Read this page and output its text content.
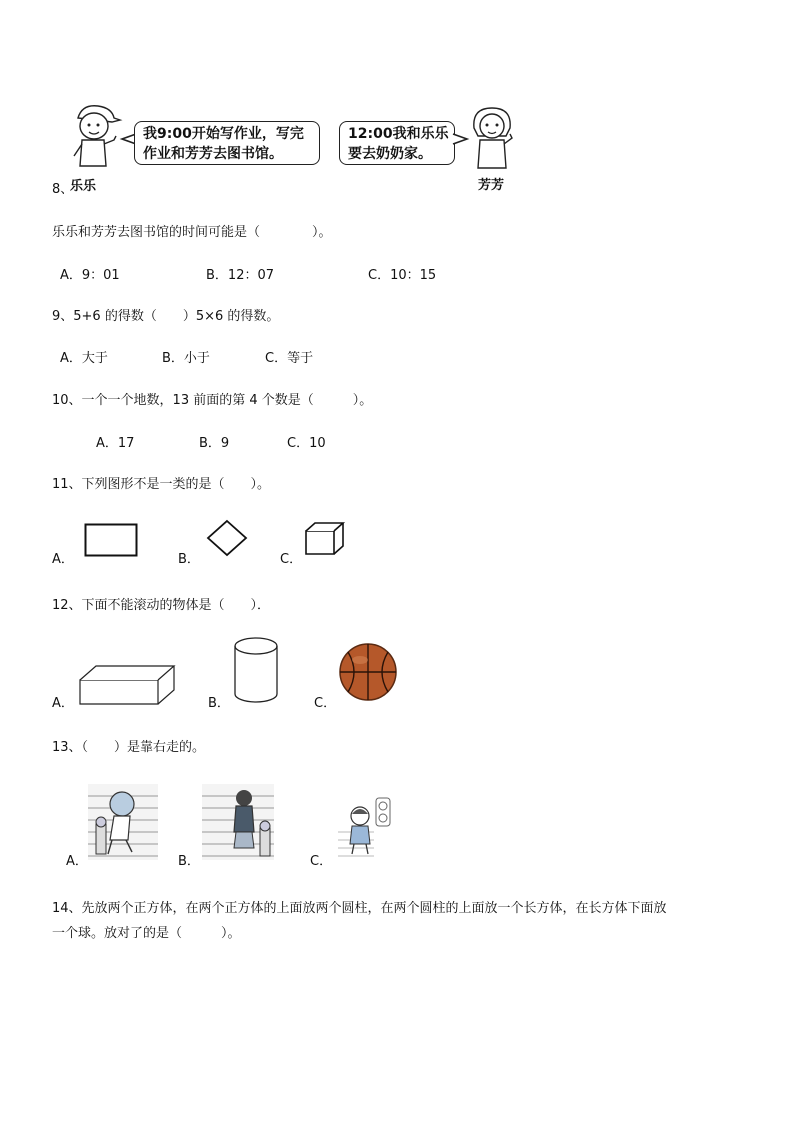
乐乐
8、
我9:00开始写作业，写完
作业和芳芳去图书馆。
12:00我和乐乐
要去奶奶家。
芳芳
乐乐和芳芳去图书馆的时间可能是（　　　　）。
A．9：01	B．12：07	C．10：15
9、5+6 的得数（　　）5×6 的得数。
A．大于	B．小于	C．等于
10、一个一个地数，13 前面的第 4 个数是（　　　）。
A．17	B．9	C．10
11、下列图形不是一类的是（　　）。
A．	B．	C．
12、下面不能滚动的物体是（　　）．
A．	B．	C．
13、（　　）是靠右走的。
A．	B．	C．
14、先放两个正方体，在两个正方体的上面放两个圆柱，在两个圆柱的上面放一个长方体，在长方体下面放
一个球。放对了的是（　　　）。
